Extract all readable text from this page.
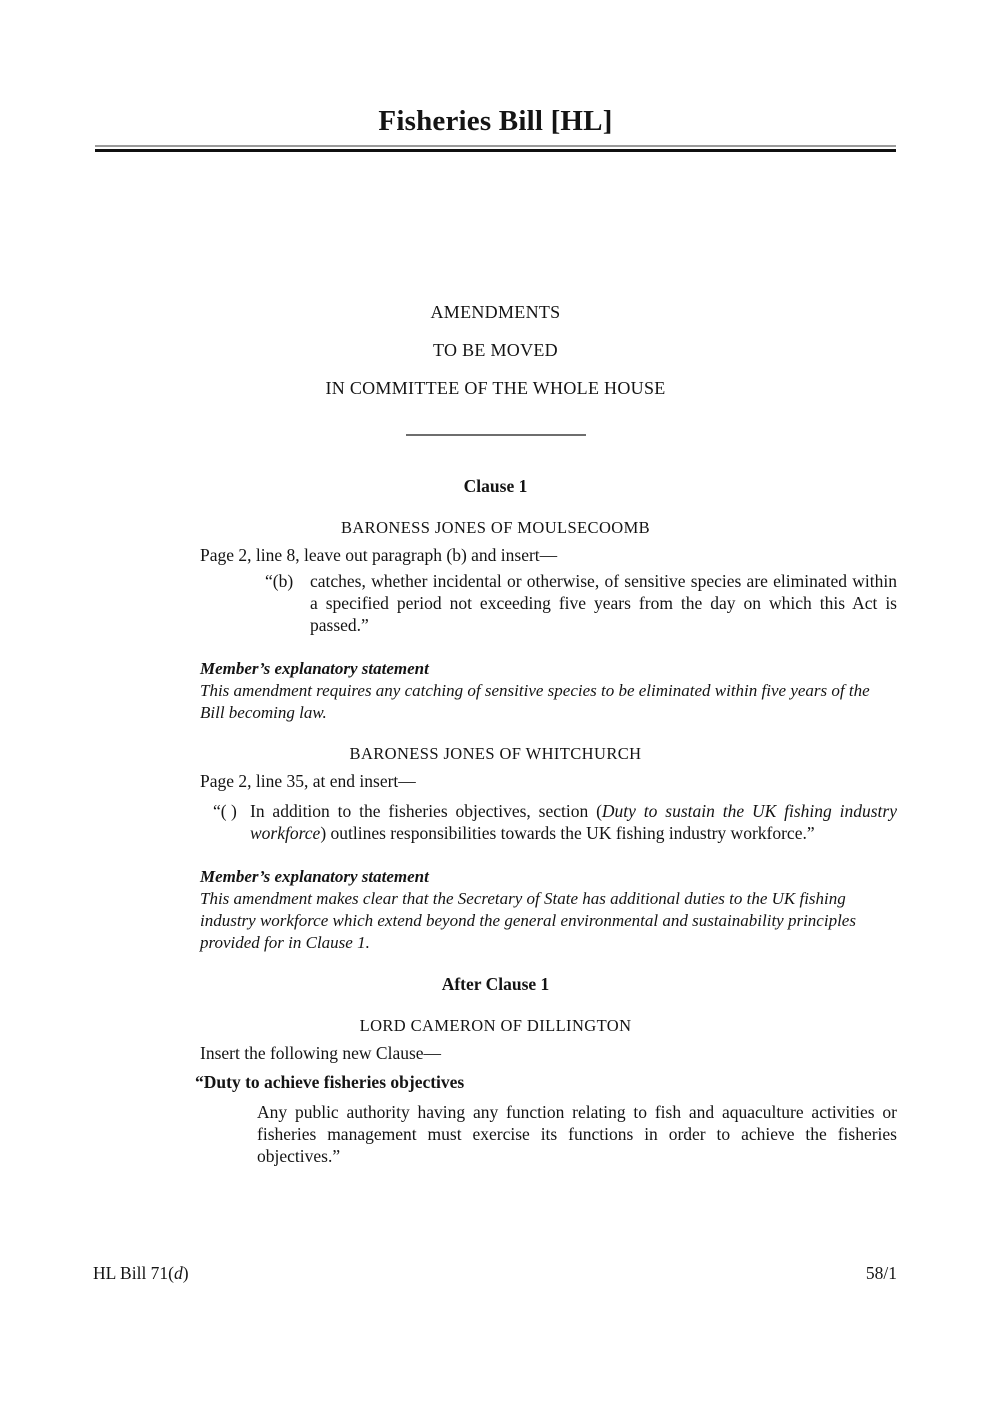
Fisheries Bill [HL]

AMENDMENTS

TO BE MOVED

IN COMMITTEE OF THE WHOLE HOUSE

Clause 1
BARONESS JONES OF MOULSECOOMB

Page 2, line 8, leave out paragraph (b) and insert—

“(b) catches, whether incidental or otherwise, of sensitive species are eliminated within a specified period not exceeding five years from the day on which this Act is passed.”

Member’s explanatory statement

This amendment requires any catching of sensitive species to be eliminated within five years of the Bill becoming law.

BARONESS JONES OF WHITCHURCH

Page 2, line 35, at end insert—

“( ) In addition to the fisheries objectives, section (Duty to sustain the UK fishing industry workforce) outlines responsibilities towards the UK fishing industry workforce.”

Member’s explanatory statement

This amendment makes clear that the Secretary of State has additional duties to the UK fishing industry workforce which extend beyond the general environmental and sustainability principles provided for in Clause 1.

After Clause 1
LORD CAMERON OF DILLINGTON

Insert the following new Clause—

“Duty to achieve fisheries objectives

Any public authority having any function relating to fish and aquaculture activities or fisheries management must exercise its functions in order to achieve the fisheries objectives.”
HL Bill 71(d)	58/1
